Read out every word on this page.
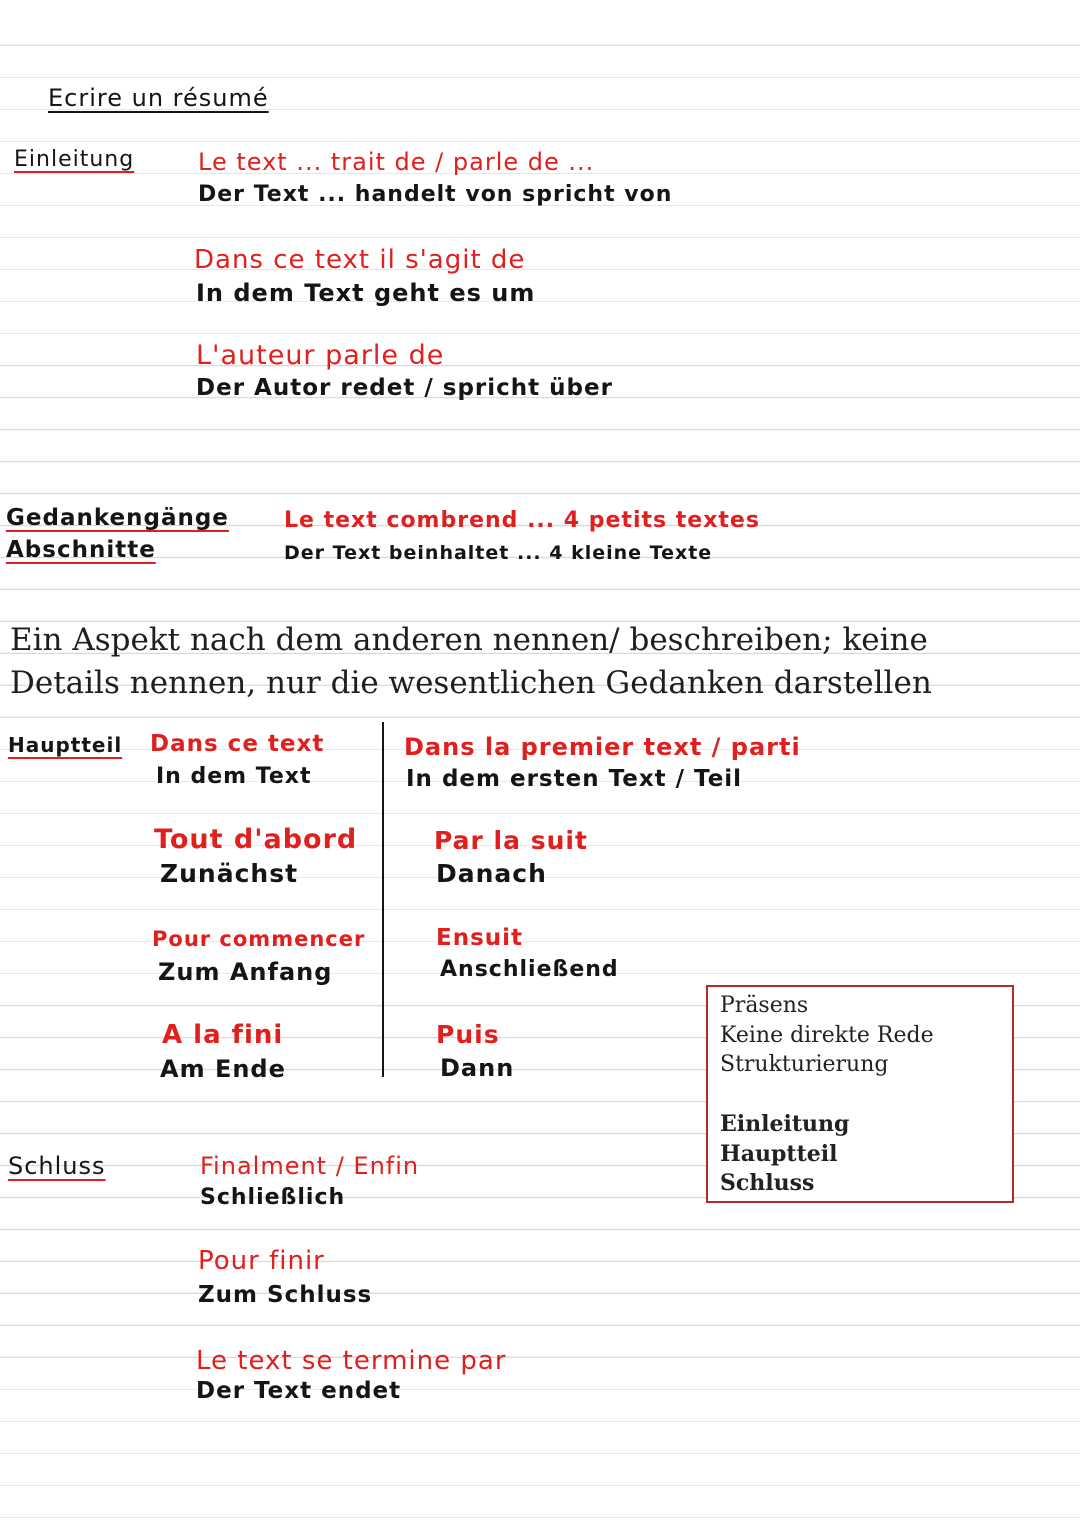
Ecrire un résumé
Einleitung	Le text ... trait de / parle de ...
Der Text ... handelt von spricht von
Dans ce text il s'agit de
In dem Text geht es um
L'auteur parle de
Der Autor redet / spricht über
Gedankengänge
Abschnitte
Le text combrend ... 4 petits textes
Der Text beinhaltet ... 4 kleine Texte
Ein Aspekt nach dem anderen nennen/ beschreiben; keine
Details nennen, nur die wesentlichen Gedanken darstellen
Hauptteil Dans ce text
In dem Text
Tout d'abord
Zunächst
Pour commencer
Zum Anfang
A la fini
Am Ende
Dans la premier text / parti
In dem ersten Text / Teil
Par la suit
Danach
Ensuit
Anschließend
Puis
Dann
Präsens
Keine direkte Rede
Strukturierung
Einleitung
Hauptteil
Schluss
Schluss	Finalment / Enfin
Schließlich
Pour finir
Zum Schluss
Le text se termine par
Der Text endet
